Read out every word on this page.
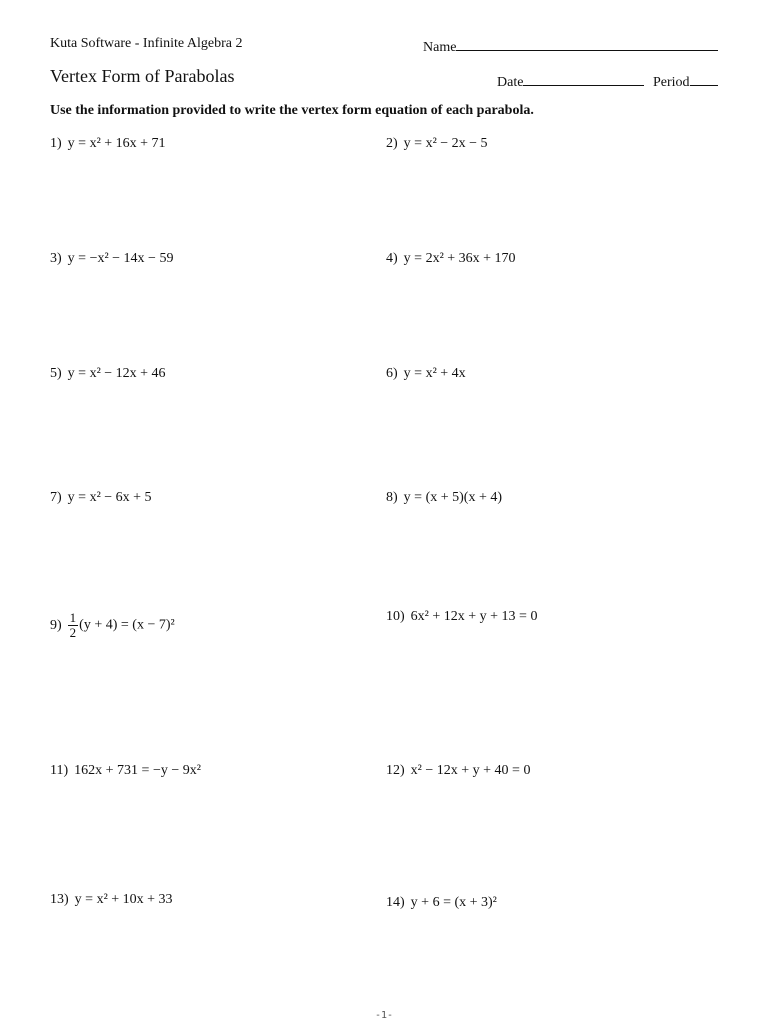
Kuta Software - Infinite Algebra 2	Name
Vertex Form of Parabolas	Date	Period
Use the information provided to write the vertex form equation of each parabola.
1) y = x² + 16x + 71	2) y = x² − 2x − 5
3) y = −x² − 14x − 59	4) y = 2x² + 36x + 170
5) y = x² − 12x + 46	6) y = x² + 4x
7) y = x² − 6x + 5	8) y = (x + 5)(x + 4)
$9) \frac{1}{2} (y + 4) = (x - 7)^2$
10) 6x² + 12x + y + 13 = 0
11) 162x + 731 = −y − 9x²	12) x² − 12x + y + 40 = 0
13) y = x² + 10x + 33	14) y + 6 = (x + 3)²
-1-
